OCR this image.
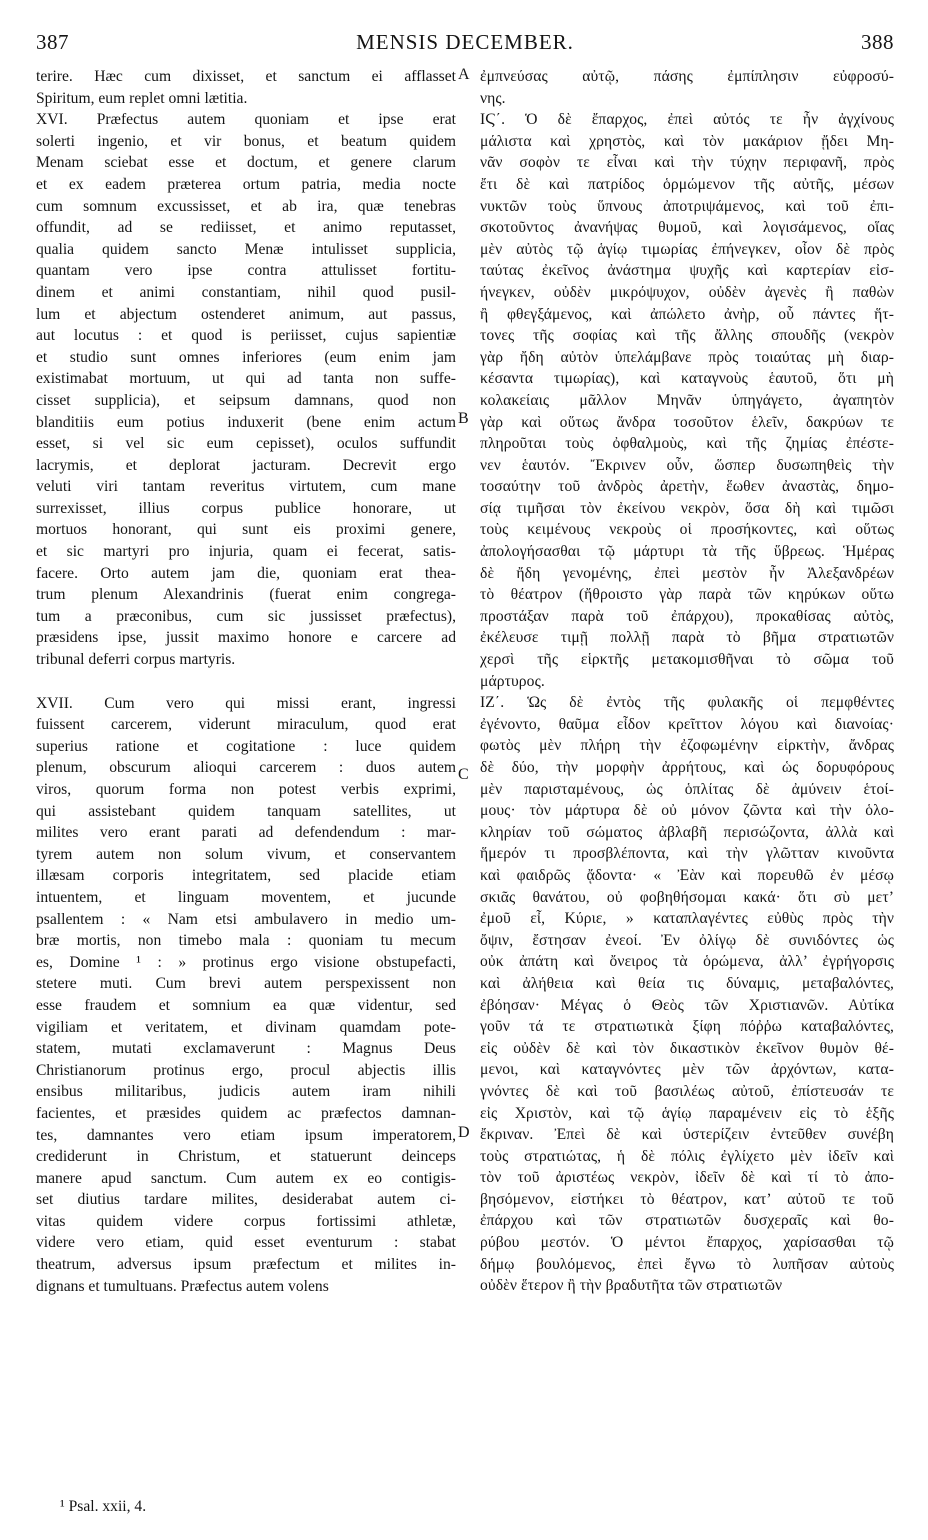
387	MENSIS DECEMBER.	388
terire. Hæc cum dixisset, et sanctum ei afflasset
Spiritum, eum replet omni lætitia.
XVI. Præfectus autem quoniam et ipse erat
solerti ingenio, et vir bonus, et beatum quidem
Menam sciebat esse et doctum, et genere clarum
et ex eadem præterea ortum patria, media nocte
cum somnum excussisset, et ab ira, quæ tenebras
offundit, ad se rediisset, et animo reputasset,
qualia quidem sancto Menæ intulisset supplicia,
quantam vero ipse contra attulisset fortitu-
dinem et animi constantiam, nihil quod pusil-
lum et abjectum ostenderet animum, aut passus,
aut locutus : et quod is periisset, cujus sapientiæ
et studio sunt omnes inferiores (eum enim jam
existimabat mortuum, ut qui ad tanta non suffe-
cisset supplicia), et seipsum damnans, quod non
blanditiis eum potius induxerit (bene enim actum
esset, si vel sic eum cepisset), oculos suffundit
lacrymis, et deplorat jacturam. Decrevit ergo
veluti viri tantam reveritus virtutem, cum mane
surrexisset, illius corpus publice honorare, ut
mortuos honorant, qui sunt eis proximi genere,
et sic martyri pro injuria, quam ei fecerat, satis-
facere. Orto autem jam die, quoniam erat thea-
trum plenum Alexandrinis (fuerat enim congrega-
tum a præconibus, cum sic jussisset præfectus),
præsidens ipse, jussit maximo honore e carcere ad
tribunal deferri corpus martyris.
XVII. Cum vero qui missi erant, ingressi
fuissent carcerem, viderunt miraculum, quod erat
superius ratione et cogitatione : luce quidem
plenum, obscurum alioqui carcerem : duos autem
viros, quorum forma non potest verbis exprimi,
qui assistebant quidem tanquam satellites, ut
milites vero erant parati ad defendendum : mar-
tyrem autem non solum vivum, et conservantem
illæsam corporis integritatem, sed placide etiam
intuentem, et linguam moventem, et jucunde
psallentem : « Nam etsi ambulavero in medio um-
bræ mortis, non timebo mala : quoniam tu mecum
es, Domine ¹ : » protinus ergo visione obstupefacti,
stetere muti. Cum brevi autem perspexissent non
esse fraudem et somnium ea quæ videntur, sed
vigiliam et veritatem, et divinam quamdam pote-
statem, mutati exclamaverunt : Magnus Deus
Christianorum protinus ergo, procul abjectis illis
ensibus militaribus, judicis autem iram nihili
facientes, et præsides quidem ac præfectos damnan-
tes, damnantes vero etiam ipsum imperatorem,
crediderunt in Christum, et statuerunt deinceps
manere apud sanctum. Cum autem ex eo contigis-
set diutius tardare milites, desiderabat autem ci-
vitas quidem videre corpus fortissimi athletæ,
videre vero etiam, quid esset eventurum : stabat
theatrum, adversus ipsum præfectum et milites in-
dignans et tumultuans. Præfectus autem volens
A
B
C
D
ἐμπνεύσας αὐτῷ, πάσης ἐμπίπλησιν εὐφροσύ-
νης.
ΙϚ΄. Ὁ δὲ ἔπαρχος, ἐπεὶ αὐτός τε ἦν ἀγχίνους
μάλιστα καὶ χρηστὸς, καὶ τὸν μακάριον ᾔδει Μη-
νᾶν σοφὸν τε εἶναι καὶ τὴν τύχην περιφανῆ, πρὸς
ἔτι δὲ καὶ πατρίδος ὁρμώμενον τῆς αὐτῆς, μέσων
νυκτῶν τοὺς ὕπνους ἀποτριψάμενος, καὶ τοῦ ἐπι-
σκοτοῦντος ἀνανήψας θυμοῦ, καὶ λογισάμενος, οἵας
μὲν αὐτὸς τῷ ἁγίῳ τιμωρίας ἐπήνεγκεν, οἷον δὲ πρὸς
ταύτας ἐκεῖνος ἀνάστημα ψυχῆς καὶ καρτερίαν εἰσ-
ήνεγκεν, οὐδὲν μικρόψυχον, οὐδὲν ἀγενὲς ἢ παθὼν
ἢ φθεγξάμενος, καὶ ἀπώλετο ἀνὴρ, οὗ πάντες ἥτ-
τονες τῆς σοφίας καὶ τῆς ἄλλης σπουδῆς (νεκρὸν
γὰρ ἤδη αὐτὸν ὑπελάμβανε πρὸς τοιαύτας μὴ διαρ-
κέσαντα τιμωρίας), καὶ καταγνοὺς ἑαυτοῦ, ὅτι μὴ
κολακείαις μᾶλλον Μηνᾶν ὑπηγάγετο, ἀγαπητὸν
γὰρ καὶ οὕτως ἄνδρα τοσοῦτον ἑλεῖν, δακρύων τε
πληροῦται τοὺς ὀφθαλμοὺς, καὶ τῆς ζημίας ἐπέστε-
νεν ἑαυτόν. Ἔκρινεν οὖν, ὥσπερ δυσωπηθεὶς τὴν
τοσαύτην τοῦ ἀνδρὸς ἀρετὴν, ἕωθεν ἀναστὰς, δημο-
σίᾳ τιμῆσαι τὸν ἐκείνου νεκρὸν, ὅσα δὴ καὶ τιμῶσι
τοὺς κειμένους νεκροὺς οἱ προσήκοντες, καὶ οὕτως
ἀπολογήσασθαι τῷ μάρτυρι τὰ τῆς ὕβρεως. Ἡμέρας
δὲ ἤδη γενομένης, ἐπεὶ μεστὸν ἦν Ἀλεξανδρέων
τὸ θέατρον (ἤθροιστο γὰρ παρὰ τῶν κηρύκων οὕτω
προστάξαν παρὰ τοῦ ἐπάρχου), προκαθίσας αὐτὸς,
ἐκέλευσε τιμῇ πολλῇ παρὰ τὸ βῆμα στρατιωτῶν
χερσὶ τῆς εἱρκτῆς μετακομισθῆναι τὸ σῶμα τοῦ
μάρτυρος.
ΙΖ΄. Ὡς δὲ ἐντὸς τῆς φυλακῆς οἱ πεμφθέντες
ἐγένοντο, θαῦμα εἶδον κρεῖττον λόγου καὶ διανοίας·
φωτὸς μὲν πλήρη τὴν ἐζοφωμένην εἱρκτὴν, ἄνδρας
δὲ δύο, τὴν μορφὴν ἀρρήτους, καὶ ὡς δορυφόρους
μὲν παρισταμένους, ὡς ὁπλίτας δὲ ἀμύνειν ἑτοί-
μους· τὸν μάρτυρα δὲ οὐ μόνον ζῶντα καὶ τὴν ὁλο-
κληρίαν τοῦ σώματος ἀβλαβῆ περισώζοντα, ἀλλὰ καὶ
ἥμερόν τι προσβλέποντα, καὶ τὴν γλῶτταν κινοῦντα
καὶ φαιδρῶς ᾄδοντα· « Ἐὰν καὶ πορευθῶ ἐν μέσῳ
σκιᾶς θανάτου, οὐ φοβηθήσομαι κακά· ὅτι σὺ μετ’
ἐμοῦ εἶ, Κύριε, » καταπλαγέντες εὐθὺς πρὸς τὴν
ὄψιν, ἔστησαν ἐνεοί. Ἐν ὀλίγῳ δὲ συνιδόντες ὡς
οὐκ ἀπάτη καὶ ὄνειρος τὰ ὁρώμενα, ἀλλ’ ἐγρήγορσις
καὶ ἀλήθεια καὶ θεία τις δύναμις, μεταβαλόντες,
ἐβόησαν· Μέγας ὁ Θεὸς τῶν Χριστιανῶν. Αὐτίκα
γοῦν τά τε στρατιωτικὰ ξίφη πόῤῥω καταβαλόντες,
εἰς οὐδὲν δὲ καὶ τὸν δικαστικὸν ἐκεῖνον θυμὸν θέ-
μενοι, καὶ καταγνόντες μὲν τῶν ἀρχόντων, κατα-
γνόντες δὲ καὶ τοῦ βασιλέως αὐτοῦ, ἐπίστευσάν τε
εἰς Χριστὸν, καὶ τῷ ἁγίῳ παραμένειν εἰς τὸ ἑξῆς
ἔκριναν. Ἐπεὶ δὲ καὶ ὑστερίζειν ἐντεῦθεν συνέβη
τοὺς στρατιώτας, ἡ δὲ πόλις ἐγλίχετο μὲν ἰδεῖν καὶ
τὸν τοῦ ἀριστέως νεκρὸν, ἰδεῖν δὲ καὶ τί τὸ ἀπο-
βησόμενον, εἱστήκει τὸ θέατρον, κατ’ αὐτοῦ τε τοῦ
ἐπάρχου καὶ τῶν στρατιωτῶν δυσχεραῖς καὶ θο-
ρύβου μεστόν. Ὁ μέντοι ἔπαρχος, χαρίσασθαι τῷ
δήμῳ βουλόμενος, ἐπεὶ ἔγνω τὸ λυπῆσαν αὐτοὺς
οὐδὲν ἕτερον ἢ τὴν βραδυτῆτα τῶν στρατιωτῶν
¹ Psal. xxii, 4.
